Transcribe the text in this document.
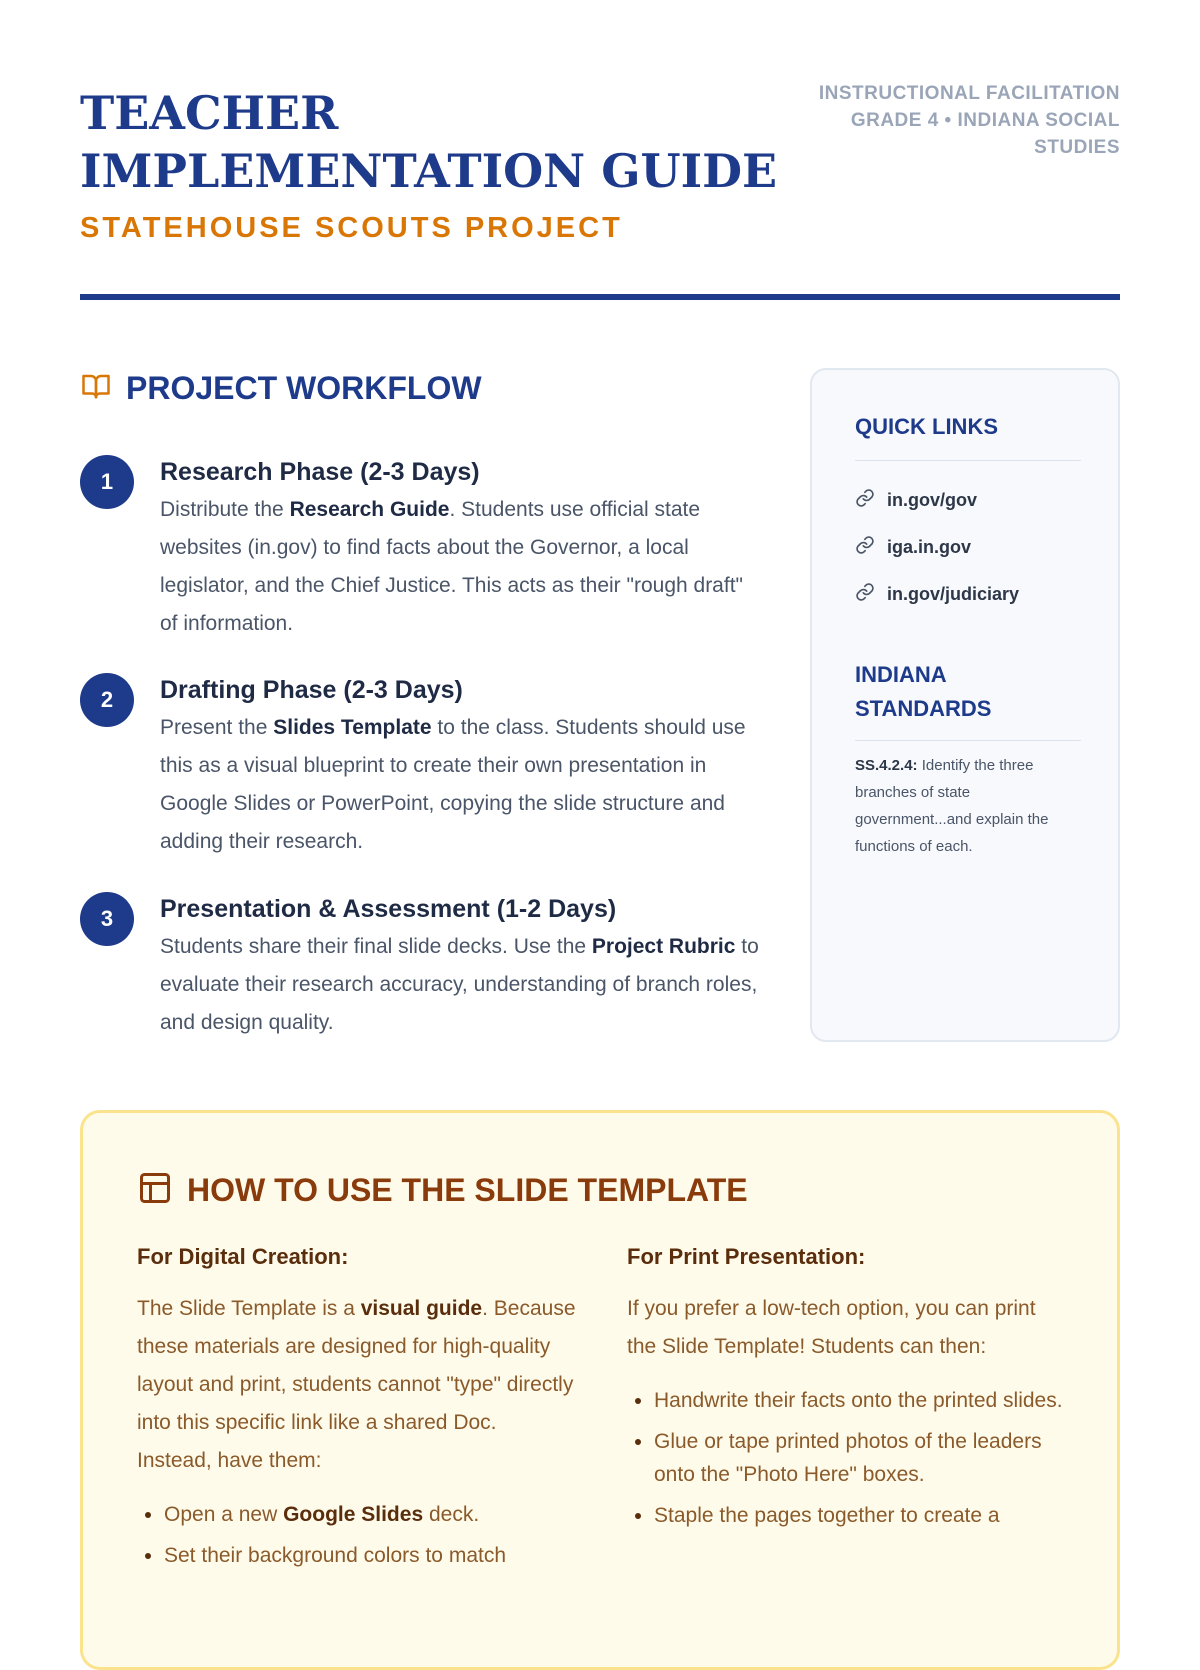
TEACHER IMPLEMENTATION GUIDE
STATEHOUSE SCOUTS PROJECT
INSTRUCTIONAL FACILITATION
GRADE 4 • INDIANA SOCIAL STUDIES
PROJECT WORKFLOW
1	Research Phase (2-3 Days)
Distribute the Research Guide. Students use official state websites (in.gov) to find facts about the Governor, a local legislator, and the Chief Justice. This acts as their "rough draft" of information.
2	Drafting Phase (2-3 Days)
Present the Slides Template to the class. Students should use this as a visual blueprint to create their own presentation in Google Slides or PowerPoint, copying the slide structure and adding their research.
3	Presentation & Assessment (1-2 Days)
Students share their final slide decks. Use the Project Rubric to evaluate their research accuracy, understanding of branch roles, and design quality.
QUICK LINKS
in.gov/gov
iga.in.gov
in.gov/judiciary
INDIANA STANDARDS
SS.4.2.4: Identify the three branches of state government...and explain the functions of each.
HOW TO USE THE SLIDE TEMPLATE

For Digital Creation:

The Slide Template is a visual guide. Because these materials are designed for high-quality layout and print, students cannot "type" directly into this specific link like a shared Doc. Instead, have them:

• Open a new Google Slides deck.
• Set their background colors to match

For Print Presentation:

If you prefer a low-tech option, you can print the Slide Template! Students can then:

• Handwrite their facts onto the printed slides.
• Glue or tape printed photos of the leaders onto the "Photo Here" boxes.
• Staple the pages together to create a
